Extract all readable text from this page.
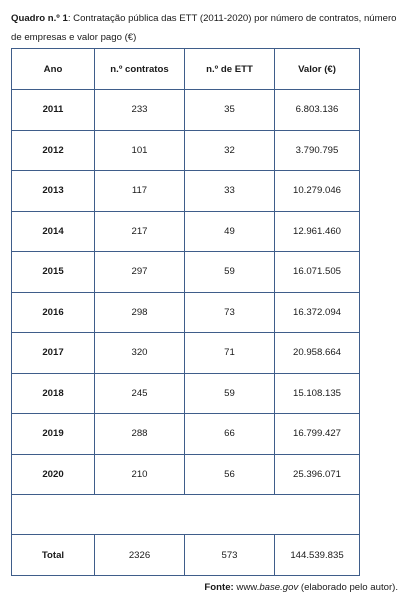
Quadro n.º 1: Contratação pública das ETT (2011-2020) por número de contratos, número de empresas e valor pago (€)
Ano	n.º contratos	n.º de ETT	Valor (€)
2011	233	35	6.803.136
2012	101	32	3.790.795
2013	117	33	10.279.046
2014	217	49	12.961.460
2015	297	59	16.071.505
2016	298	73	16.372.094
2017	320	71	20.958.664
2018	245	59	15.108.135
2019	288	66	16.799.427
2020	210	56	25.396.071

Total	2326	573	144.539.835
Fonte: www.base.gov (elaborado pelo autor).
